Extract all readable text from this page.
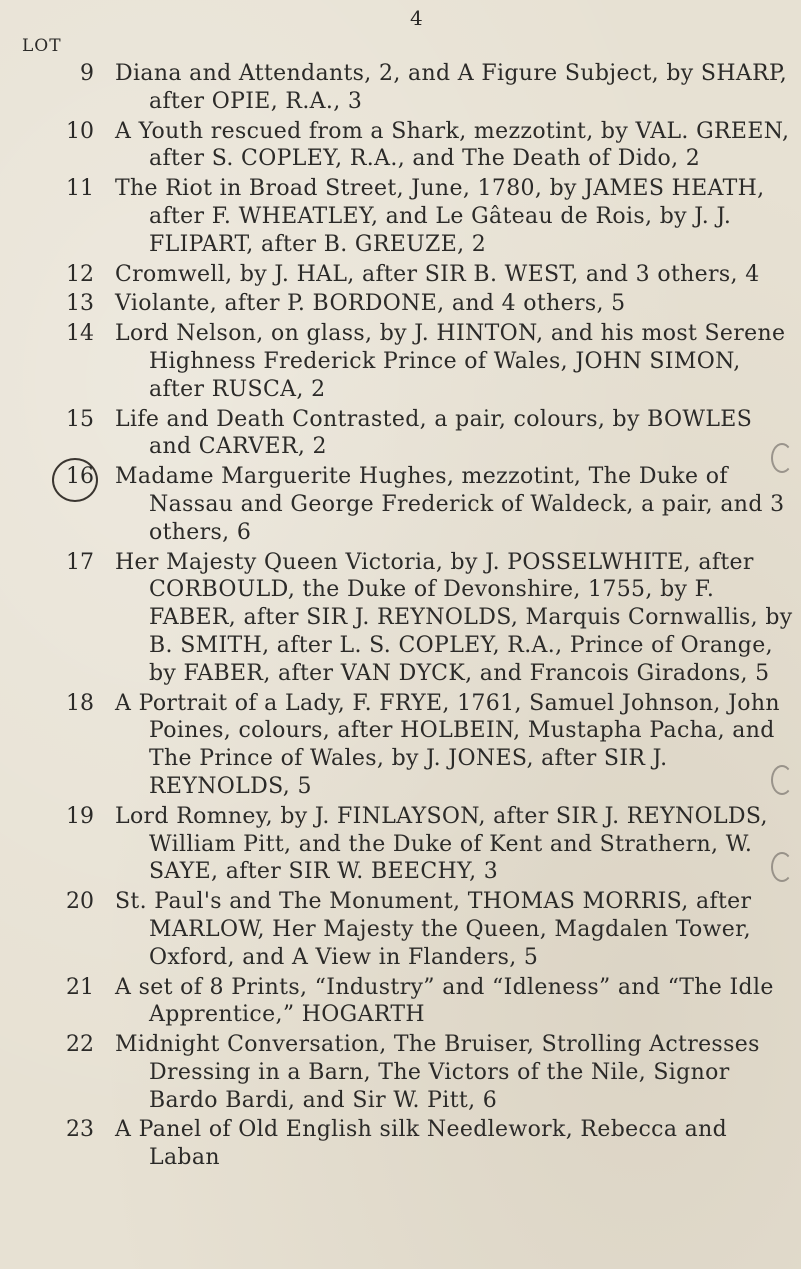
4
LOT
9 Diana and Attendants, 2, and A Figure Subject, by SHARP, after OPIE, R.A., 3
10 A Youth rescued from a Shark, mezzotint, by VAL. GREEN, after S. COPLEY, R.A., and The Death of Dido, 2
11 The Riot in Broad Street, June, 1780, by JAMES HEATH, after F. WHEATLEY, and Le Gâteau de Rois, by J. J. FLIPART, after B. GREUZE, 2
12 Cromwell, by J. HAL, after SIR B. WEST, and 3 others, 4
13 Violante, after P. BORDONE, and 4 others, 5
14 Lord Nelson, on glass, by J. HINTON, and his most Serene Highness Frederick Prince of Wales, JOHN SIMON, after RUSCA, 2
15 Life and Death Contrasted, a pair, colours, by BOWLES and CARVER, 2
16 Madame Marguerite Hughes, mezzotint, The Duke of Nassau and George Frederick of Waldeck, a pair, and 3 others, 6
17 Her Majesty Queen Victoria, by J. POSSELWHITE, after CORBOULD, the Duke of Devonshire, 1755, by F. FABER, after SIR J. REYNOLDS, Marquis Cornwallis, by B. SMITH, after L. S. COPLEY, R.A., Prince of Orange, by FABER, after VAN DYCK, and Francois Giradons, 5
18 A Portrait of a Lady, F. FRYE, 1761, Samuel Johnson, John Poines, colours, after HOLBEIN, Mustapha Pacha, and The Prince of Wales, by J. JONES, after SIR J. REYNOLDS, 5
19 Lord Romney, by J. FINLAYSON, after SIR J. REYNOLDS, William Pitt, and the Duke of Kent and Strathern, W. SAYE, after SIR W. BEECHY, 3
20 St. Paul's and The Monument, THOMAS MORRIS, after MARLOW, Her Majesty the Queen, Magdalen Tower, Oxford, and A View in Flanders, 5
21 A set of 8 Prints, “Industry” and “Idleness” and “The Idle Apprentice,” HOGARTH
22 Midnight Conversation, The Bruiser, Strolling Actresses Dressing in a Barn, The Victors of the Nile, Signor Bardo Bardi, and Sir W. Pitt, 6
23 A Panel of Old English silk Needlework, Rebecca and Laban
